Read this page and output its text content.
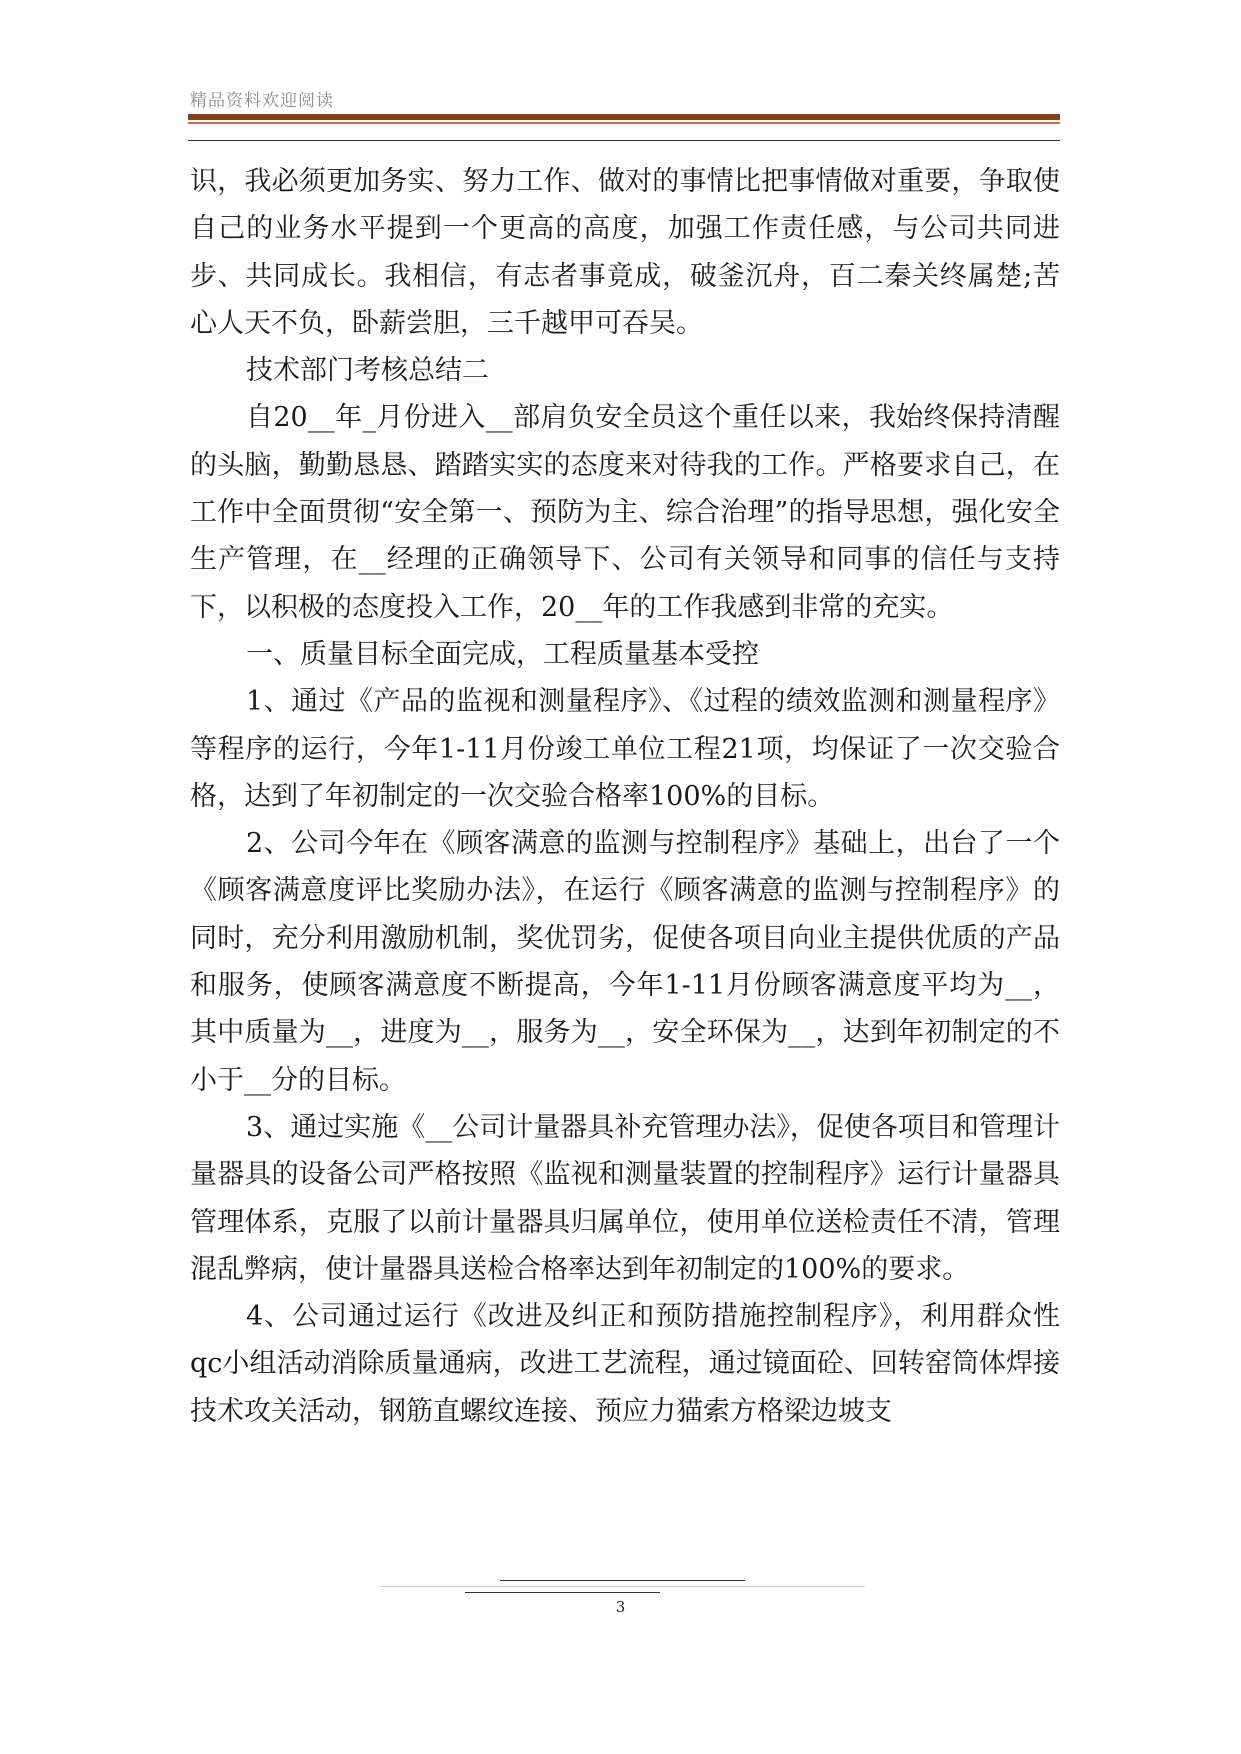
精品资料欢迎阅读

识，我必须更加务实、努力工作、做对的事情比把事情做对重要，争取使自己的业务水平提到一个更高的高度，加强工作责任感，与公司共同进步、共同成长。我相信，有志者事竟成，破釜沉舟，百二秦关终属楚;苦心人天不负，卧薪尝胆，三千越甲可吞吴。

技术部门考核总结二

自20__年_月份进入__部肩负安全员这个重任以来，我始终保持清醒的头脑，勤勤恳恳、踏踏实实的态度来对待我的工作。严格要求自己，在工作中全面贯彻“安全第一、预防为主、综合治理”的指导思想，强化安全生产管理，在__经理的正确领导下、公司有关领导和同事的信任与支持下，以积极的态度投入工作，20__年的工作我感到非常的充实。

一、质量目标全面完成，工程质量基本受控

1、通过《产品的监视和测量程序》、《过程的绩效监测和测量程序》等程序的运行，今年1-11月份竣工单位工程21项，均保证了一次交验合格，达到了年初制定的一次交验合格率100%的目标。

2、公司今年在《顾客满意的监测与控制程序》基础上，出台了一个《顾客满意度评比奖励办法》，在运行《顾客满意的监测与控制程序》的同时，充分利用激励机制，奖优罚劣，促使各项目向业主提供优质的产品和服务，使顾客满意度不断提高，今年1-11月份顾客满意度平均为__，其中质量为__，进度为__，服务为__，安全环保为__，达到年初制定的不小于__分的目标。

3、通过实施《__公司计量器具补充管理办法》，促使各项目和管理计量器具的设备公司严格按照《监视和测量装置的控制程序》运行计量器具管理体系，克服了以前计量器具归属单位，使用单位送检责任不清，管理混乱弊病，使计量器具送检合格率达到年初制定的100%的要求。

4、公司通过运行《改进及纠正和预防措施控制程序》，利用群众性qc小组活动消除质量通病，改进工艺流程，通过镜面砼、回转窑筒体焊接技术攻关活动，钢筋直螺纹连接、预应力猫索方格梁边坡支

3
